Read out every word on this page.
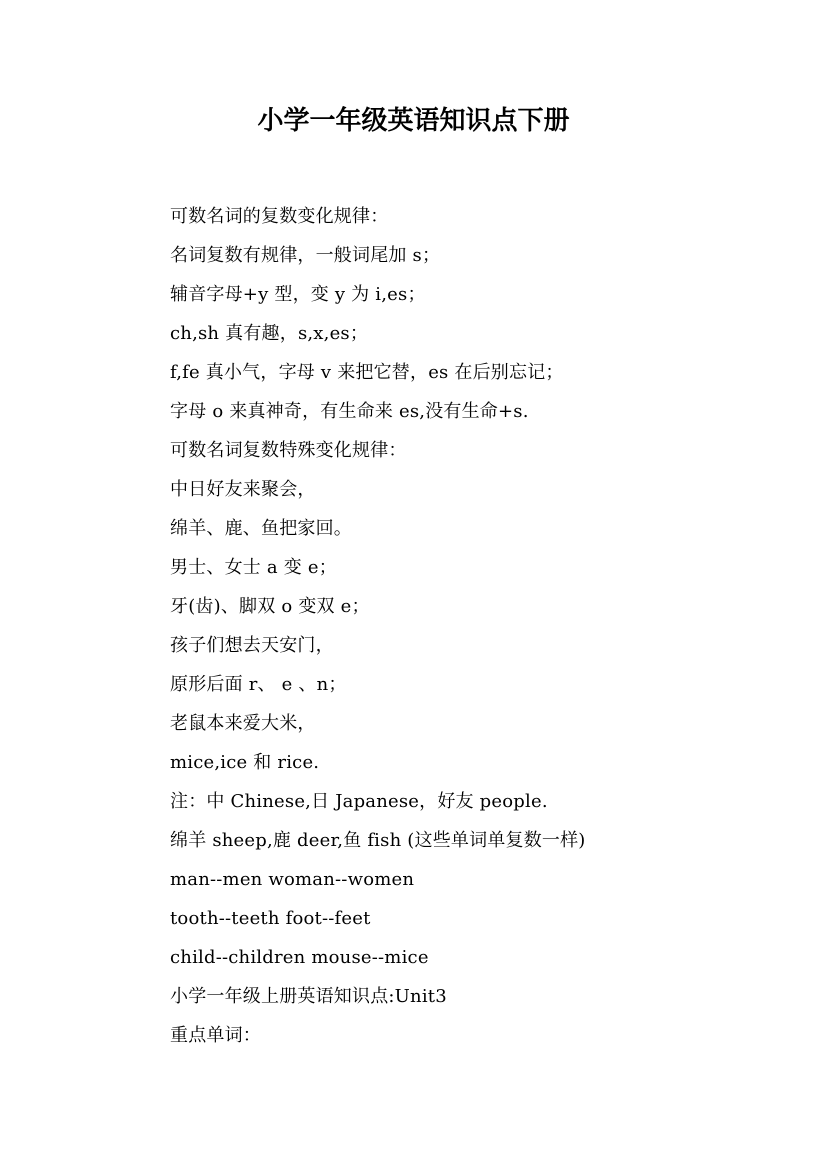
小学一年级英语知识点下册
可数名词的复数变化规律：
名词复数有规律，一般词尾加 s；
辅音字母+y 型，变 y 为 i,es；
ch,sh 真有趣，s,x,es；
f,fe 真小气，字母 v 来把它替，es 在后别忘记；
字母 o 来真神奇，有生命来 es,没有生命+s.
可数名词复数特殊变化规律：
中日好友来聚会，
绵羊、鹿、鱼把家回。
男士、女士 a 变 e；
牙(齿)、脚双 o 变双 e；
孩子们想去天安门，
原形后面 r、 e 、n；
老鼠本来爱大米，
mice,ice 和 rice.
注：中 Chinese,日 Japanese，好友 people.
绵羊 sheep,鹿 deer,鱼 fish (这些单词单复数一样)
man--men woman--women
tooth--teeth foot--feet
child--children mouse--mice
小学一年级上册英语知识点:Unit3
重点单词：
